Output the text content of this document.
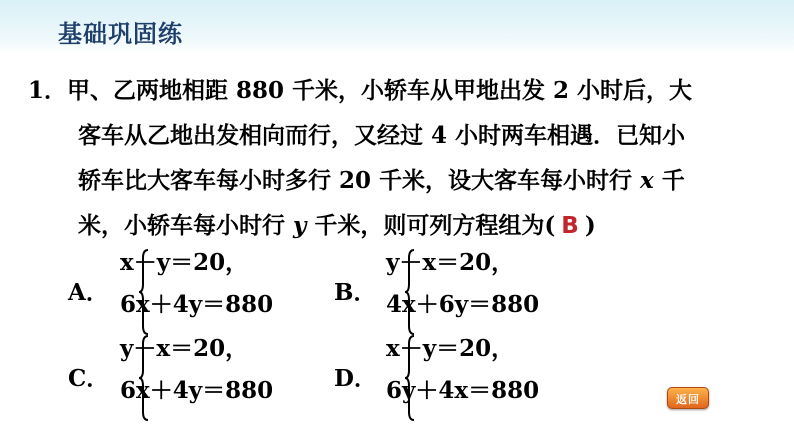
基础巩固练
1．甲、乙两地相距 880 千米，小轿车从甲地出发 2 小时后，大
客车从乙地出发相向而行，又经过 4 小时两车相遇．已知小
轿车比大客车每小时多行 20 千米，设大客车每小时行 x 千
米，小轿车每小时行 y 千米，则可列方程组为( B )
A．
x－y＝20，
6x＋4y＝880	B．
y－x＝20，
4x＋6y＝880
C．
y－x＝20，
6x＋4y＝880	D．
x－y＝20，
6y＋4x＝880	返回
